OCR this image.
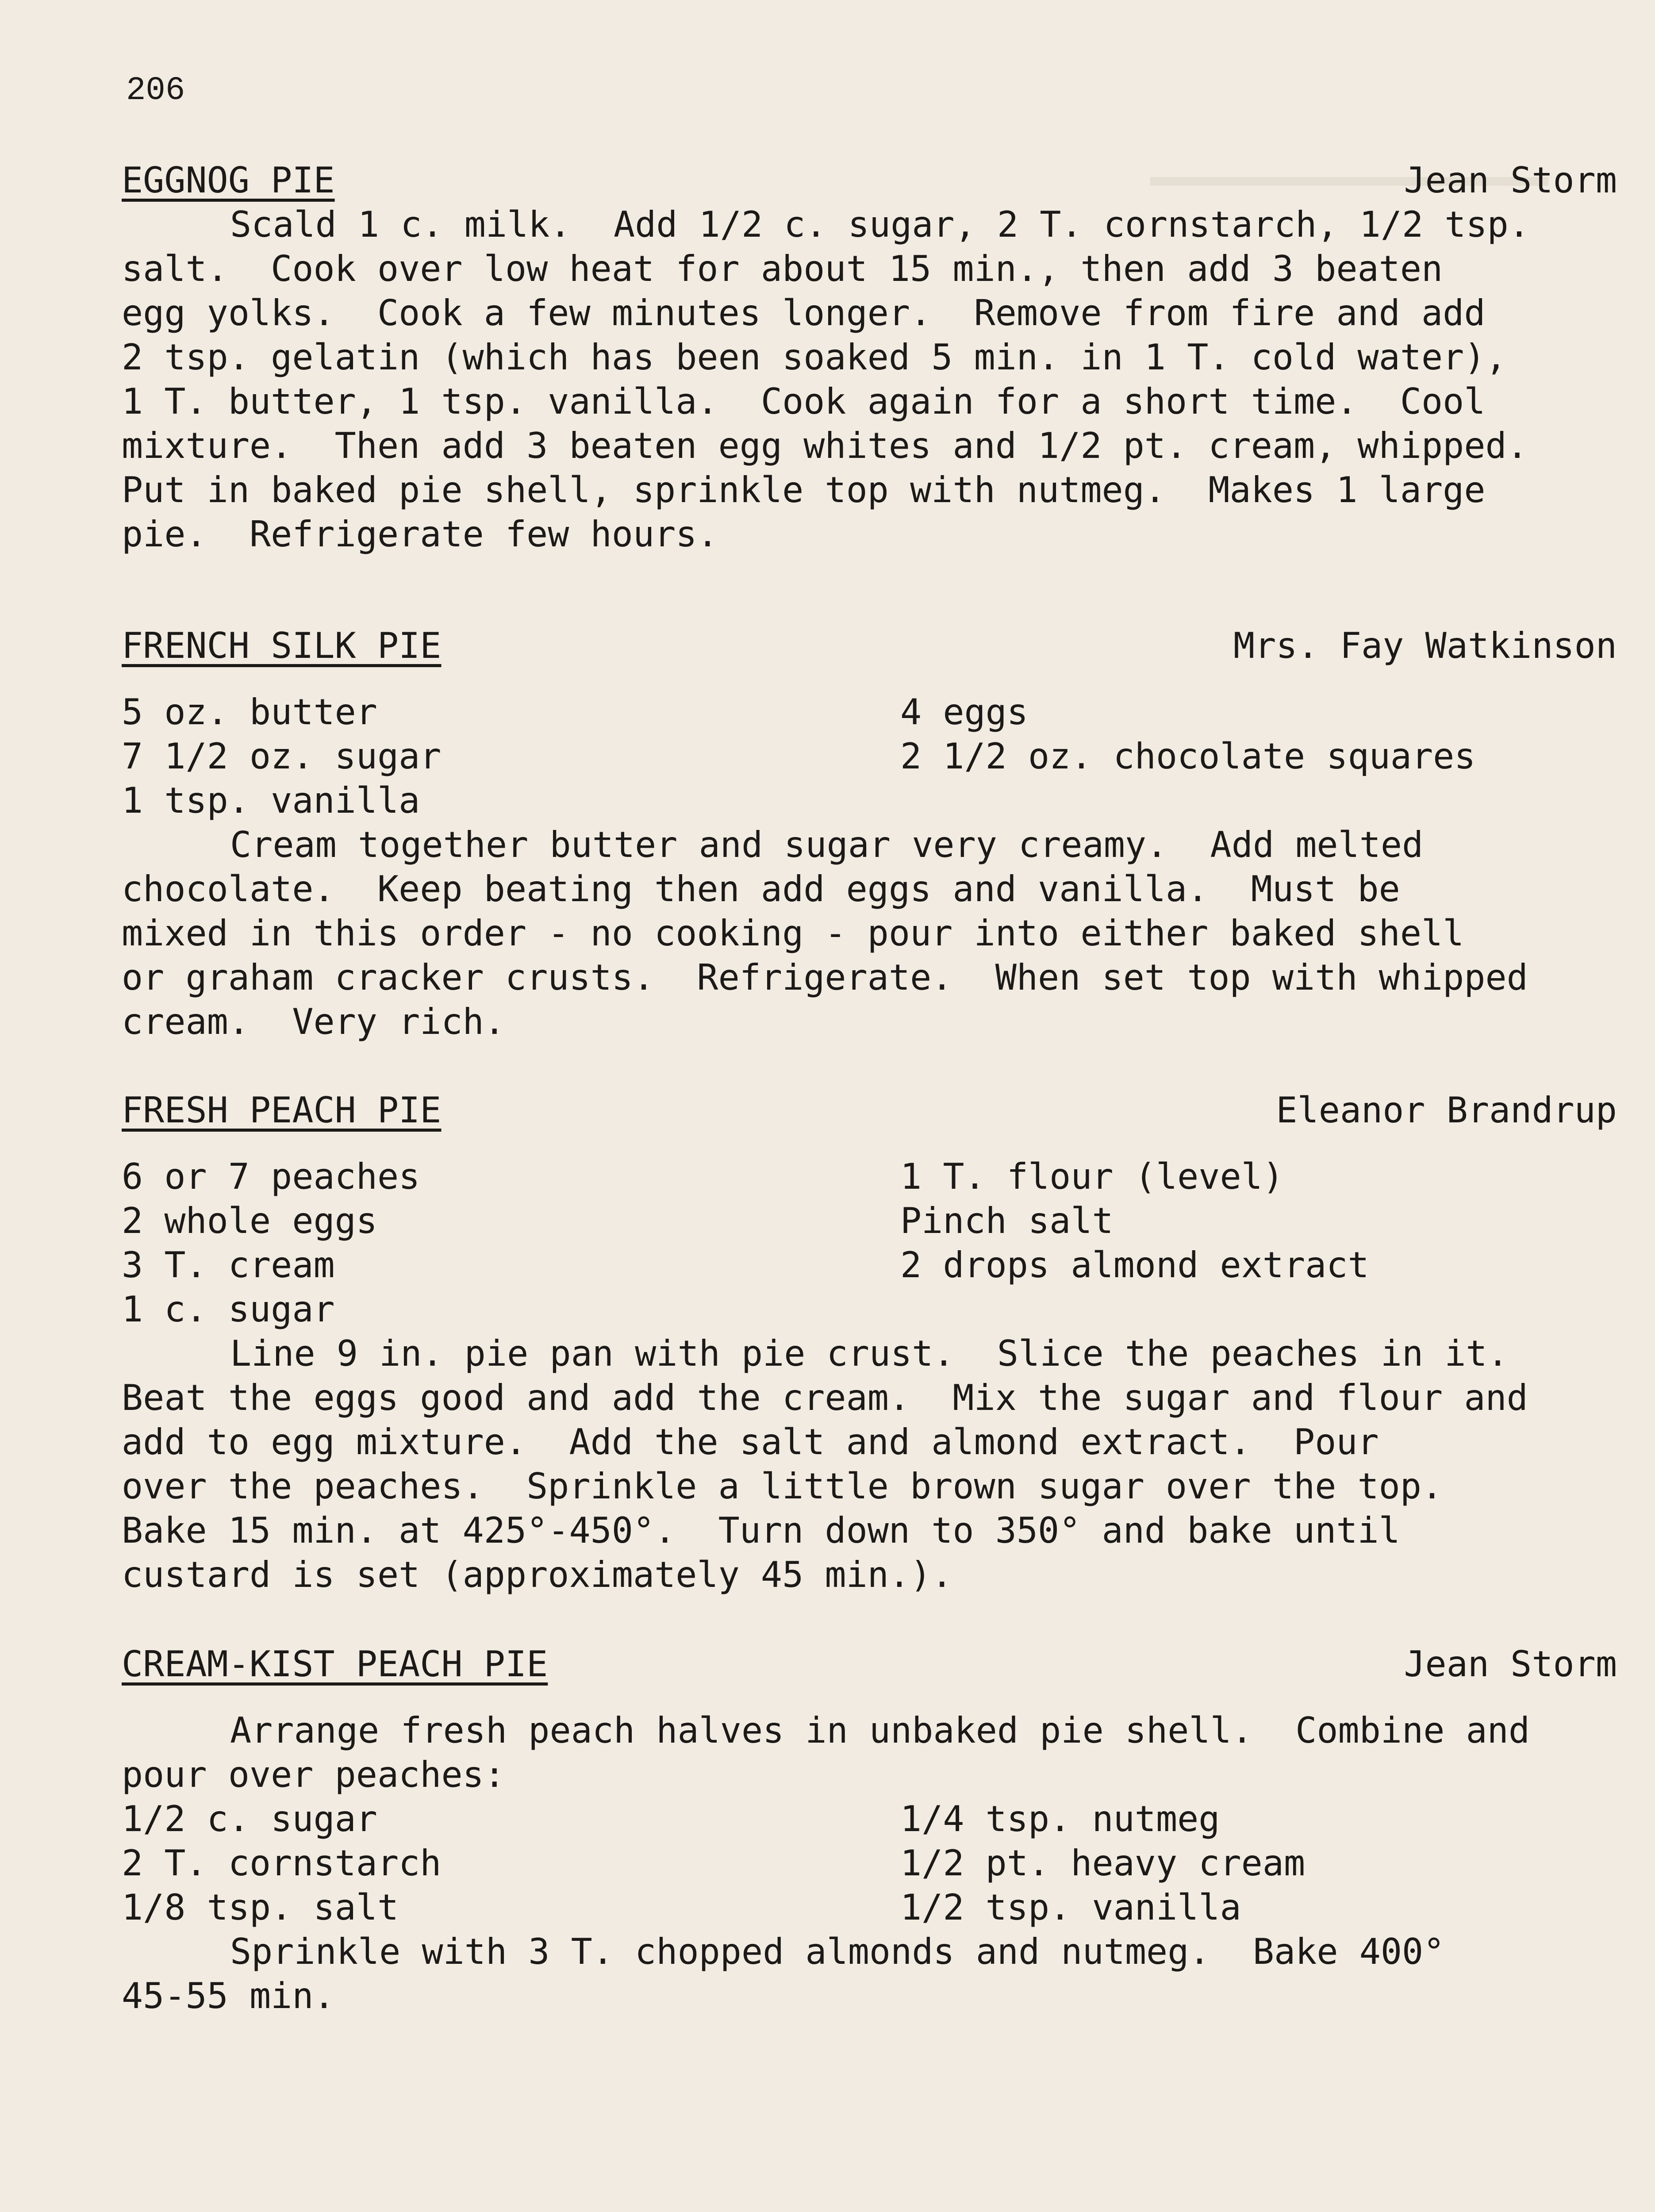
206
EGGNOG PIE	Jean Storm
Scald 1 c. milk.  Add 1/2 c. sugar, 2 T. cornstarch, 1/2 tsp.
salt.  Cook over low heat for about 15 min., then add 3 beaten
egg yolks.  Cook a few minutes longer.  Remove from fire and add
2 tsp. gelatin (which has been soaked 5 min. in 1 T. cold water),
1 T. butter, 1 tsp. vanilla.  Cook again for a short time.  Cool
mixture.  Then add 3 beaten egg whites and 1/2 pt. cream, whipped.
Put in baked pie shell, sprinkle top with nutmeg.  Makes 1 large
pie.  Refrigerate few hours.
FRENCH SILK PIE	Mrs. Fay Watkinson
5 oz. butter	4 eggs
7 1/2 oz. sugar	2 1/2 oz. chocolate squares
1 tsp. vanilla
Cream together butter and sugar very creamy.  Add melted
chocolate.  Keep beating then add eggs and vanilla.  Must be
mixed in this order - no cooking - pour into either baked shell
or graham cracker crusts.  Refrigerate.  When set top with whipped
cream.  Very rich.
FRESH PEACH PIE	Eleanor Brandrup
6 or 7 peaches	1 T. flour (level)
2 whole eggs	Pinch salt
3 T. cream	2 drops almond extract
1 c. sugar
Line 9 in. pie pan with pie crust.  Slice the peaches in it.
Beat the eggs good and add the cream.  Mix the sugar and flour and
add to egg mixture.  Add the salt and almond extract.  Pour
over the peaches.  Sprinkle a little brown sugar over the top.
Bake 15 min. at 425°-450°.  Turn down to 350° and bake until
custard is set (approximately 45 min.).
CREAM-KIST PEACH PIE	Jean Storm
Arrange fresh peach halves in unbaked pie shell.  Combine and
pour over peaches:
1/2 c. sugar	1/4 tsp. nutmeg
2 T. cornstarch	1/2 pt. heavy cream
1/8 tsp. salt	1/2 tsp. vanilla
Sprinkle with 3 T. chopped almonds and nutmeg.  Bake 400°
45-55 min.
